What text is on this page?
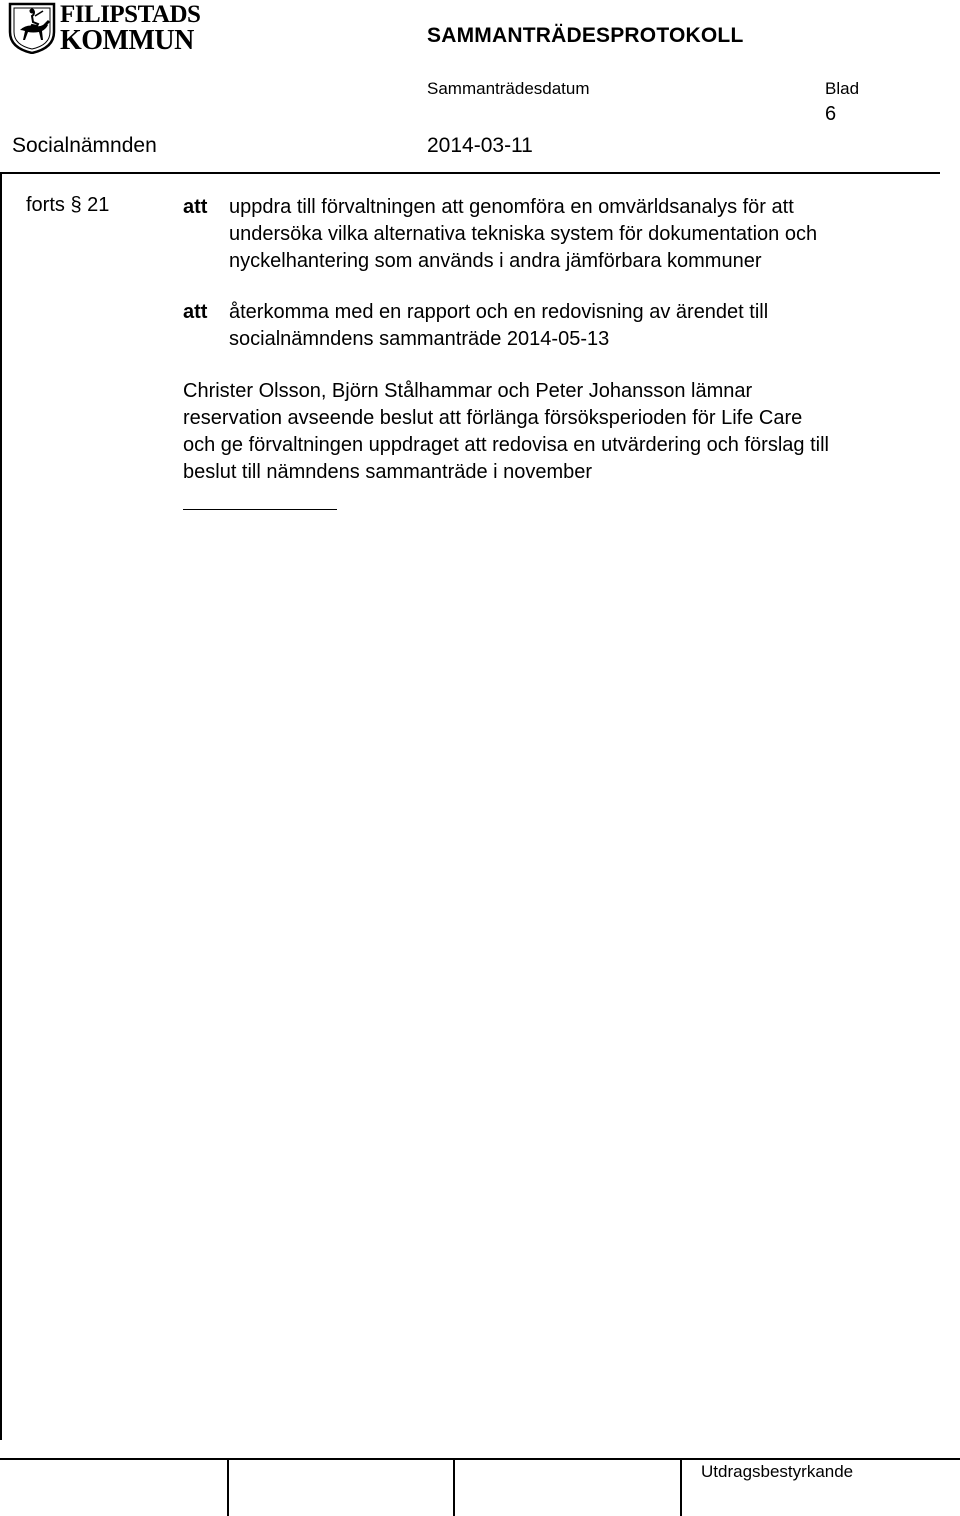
FILIPSTADS
KOMMUN	SAMMANTRÄDESPROTOKOLL
Sammanträdesdatum	Blad
6
Socialnämnden	2014-03-11
forts § 21	att uppdra till förvaltningen att genomföra en omvärldsanalys för att
undersöka vilka alternativa tekniska system för dokumentation och
nyckelhantering som används i andra jämförbara kommuner
att återkomma med en rapport och en redovisning av ärendet till
socialnämndens sammanträde 2014-05-13
Christer Olsson, Björn Stålhammar och Peter Johansson lämnar
reservation avseende beslut att förlänga försöksperioden för Life Care
och ge förvaltningen uppdraget att redovisa en utvärdering och förslag till
beslut till nämndens sammanträde i november
Utdragsbestyrkande
